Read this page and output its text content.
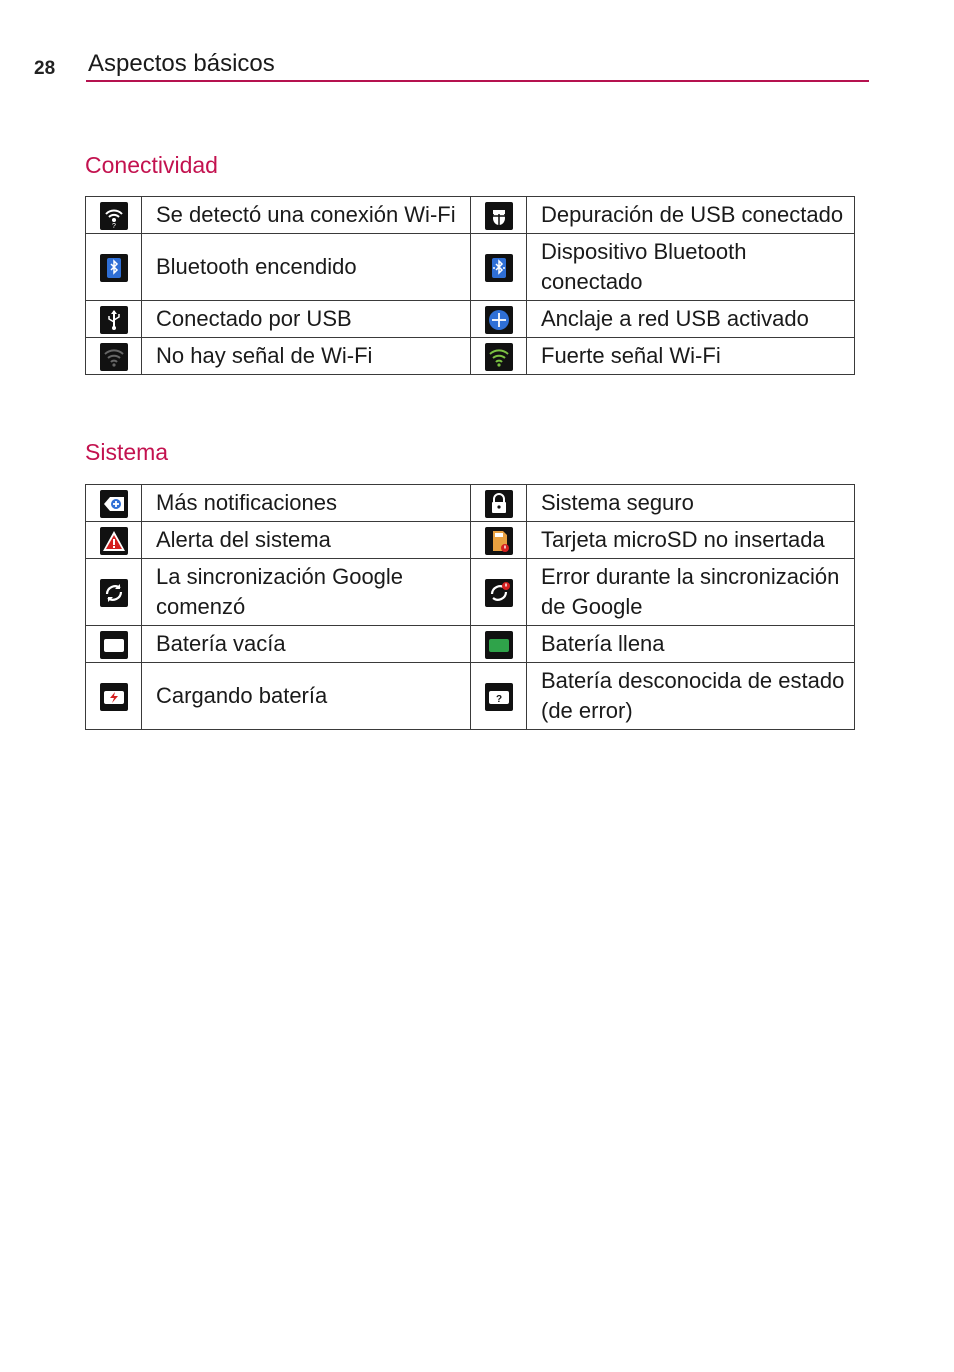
28 Aspectos básicos
Conectividad
?	Se detectó una conexión Wi-Fi		Depuración de USB conectado

	Bluetooth encendido		Dispositivo Bluetooth conectado

	Conectado por USB		Anclaje a red USB activado

	No hay señal de Wi-Fi		Fuerte señal Wi-Fi
Sistema
	Más notificaciones		Sistema seguro

	Alerta del sistema		Tarjeta microSD no insertada

	La sincronización Google comenzó		Error durante la sincronización de Google

	Batería vacía		Batería llena

	Cargando batería	?	Batería desconocida de estado (de error)
